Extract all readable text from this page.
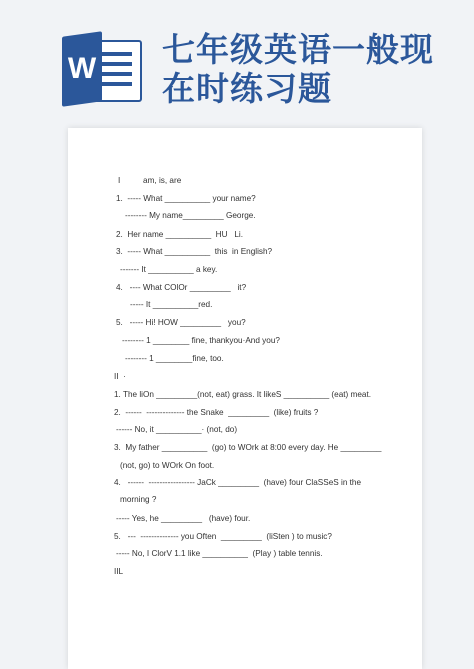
W 七年级英语一般现
在时练习题
I          am, is, are
1.  ----- What __________ your name?
-------- My name_________ George.
2.  Her name __________  HU   Li.
3.  ----- What __________  this  in English?
------- It __________ a key.
4.   ---- What COlOr _________   it?
----- It __________red.
5.   ----- Hi! HOW _________   you?
-------- 1 ________ fine, thankyou·And you?
-------- 1 ________fine, too.
II  ·
1. The liOn _________(not, eat) grass. It likeS __________ (eat) meat.
2.  ------  -------------- the Snake  _________  (like) fruits ?
------ No, it __________· (not, do)
3.  My father __________  (go) to WOrk at 8:00 every day. He _________
(not, go) to WOrk On foot.
4.   ------  ----------------- JaCk _________  (have) four ClaSSeS in the
morning ?
----- Yes, he _________   (have) four.
5.   ---  -------------- you Often  _________  (liSten ) to music?
----- No, I ClorV 1.1 like __________  (Play ) table tennis.
IIL
